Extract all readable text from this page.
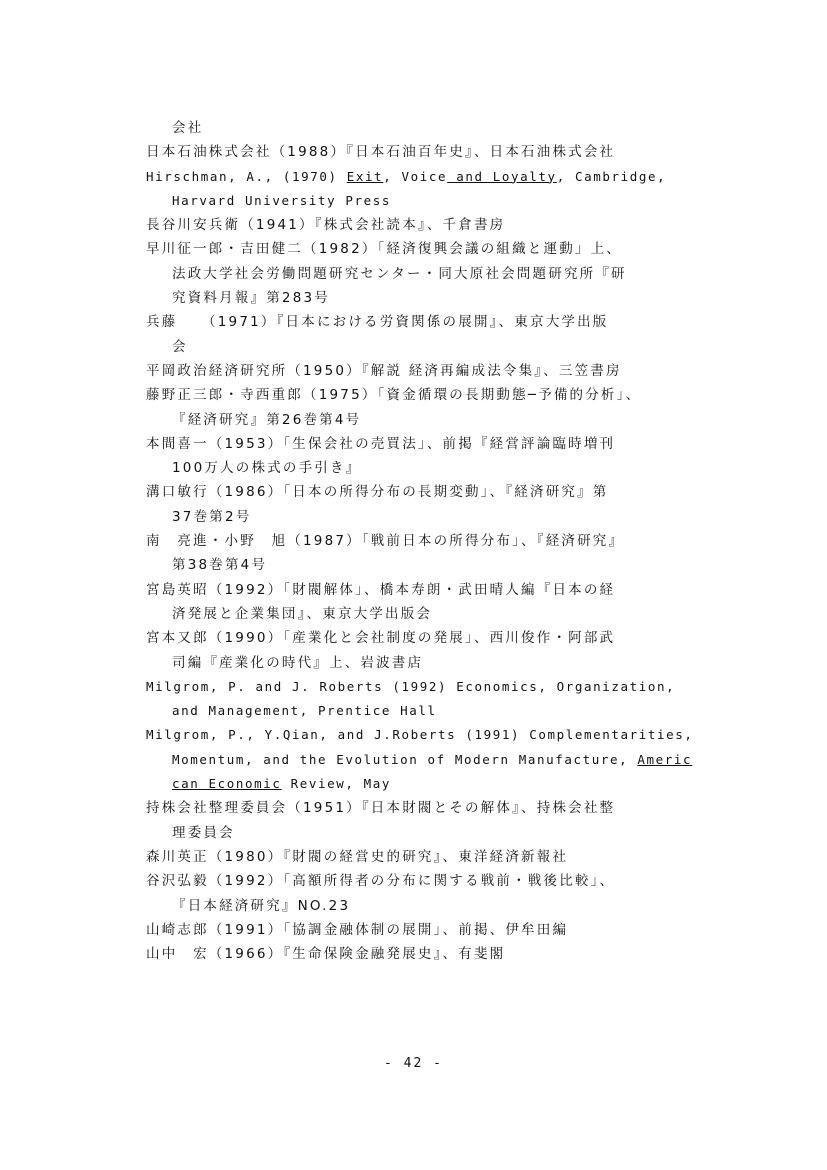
会社
日本石油株式会社（1988）『日本石油百年史』、日本石油株式会社
Hirschman, A., (1970) Exit, Voice and Loyalty, Cambridge,
Harvard University Press
長谷川安兵衛（1941）『株式会社読本』、千倉書房
早川征一郎・吉田健二（1982）「経済復興会議の組織と運動」上、
法政大学社会労働問題研究センター・同大原社会問題研究所『研
究資料月報』第283号
兵藤　　（1971）『日本における労資関係の展開』、東京大学出版
会
平岡政治経済研究所（1950）『解説 経済再編成法令集』、三笠書房
藤野正三郎・寺西重郎（1975）「資金循環の長期動態─予備的分析」、
『経済研究』第26巻第4号
本間喜一（1953）「生保会社の売買法」、前掲『経営評論臨時増刊
100万人の株式の手引き』
溝口敏行（1986）「日本の所得分布の長期変動」、『経済研究』第
37巻第2号
南　亮進・小野　旭（1987）「戦前日本の所得分布」、『経済研究』
第38巻第4号
宮島英昭（1992）「財閥解体」、橋本寿朗・武田晴人編『日本の経
済発展と企業集団』、東京大学出版会
宮本又郎（1990）「産業化と会社制度の発展」、西川俊作・阿部武
司編『産業化の時代』上、岩波書店
Milgrom, P. and J. Roberts (1992) Economics, Organization,
and Management, Prentice Hall
Milgrom, P., Y.Qian, and J.Roberts (1991) Complementarities,
Momentum, and the Evolution of Modern Manufacture, Americ
can Economic Review, May
持株会社整理委員会（1951）『日本財閥とその解体』、持株会社整
理委員会
森川英正（1980）『財閥の経営史的研究』、東洋経済新報社
谷沢弘毅（1992）「高額所得者の分布に関する戦前・戦後比較」、
『日本経済研究』NO.23
山崎志郎（1991）「協調金融体制の展開」、前掲、伊牟田編
山中　宏（1966）『生命保険金融発展史』、有斐閣
- 42 -
